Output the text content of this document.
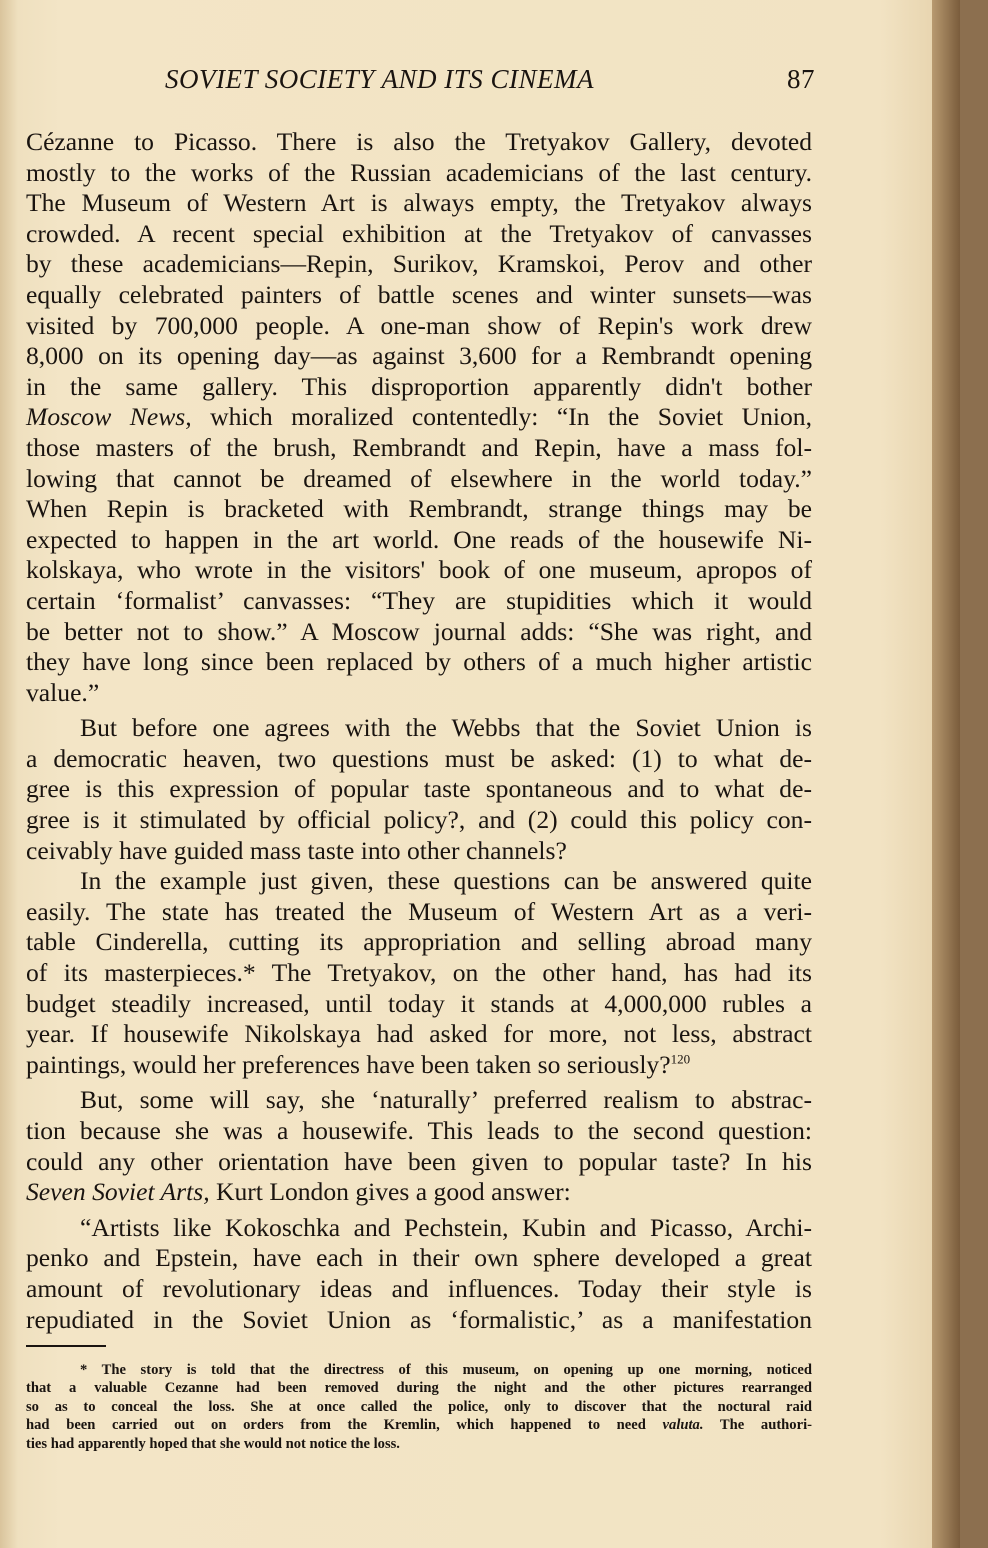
SOVIET SOCIETY AND ITS CINEMA	87
Cézanne to Picasso. There is also the Tretyakov Gallery, devoted
mostly to the works of the Russian academicians of the last century.
The Museum of Western Art is always empty, the Tretyakov always
crowded. A recent special exhibition at the Tretyakov of canvasses
by these academicians—Repin, Surikov, Kramskoi, Perov and other
equally celebrated painters of battle scenes and winter sunsets—was
visited by 700,000 people. A one-man show of Repin's work drew
8,000 on its opening day—as against 3,600 for a Rembrandt opening
in the same gallery. This disproportion apparently didn't bother
Moscow News, which moralized contentedly: “In the Soviet Union,
those masters of the brush, Rembrandt and Repin, have a mass fol-
lowing that cannot be dreamed of elsewhere in the world today.”
When Repin is bracketed with Rembrandt, strange things may be
expected to happen in the art world. One reads of the housewife Ni-
kolskaya, who wrote in the visitors' book of one museum, apropos of
certain ‘formalist’ canvasses: “They are stupidities which it would
be better not to show.” A Moscow journal adds: “She was right, and
they have long since been replaced by others of a much higher artistic
value.”
But before one agrees with the Webbs that the Soviet Union is
a democratic heaven, two questions must be asked: (1) to what de-
gree is this expression of popular taste spontaneous and to what de-
gree is it stimulated by official policy?, and (2) could this policy con-
ceivably have guided mass taste into other channels?
In the example just given, these questions can be answered quite
easily. The state has treated the Museum of Western Art as a veri-
table Cinderella, cutting its appropriation and selling abroad many
of its masterpieces.* The Tretyakov, on the other hand, has had its
budget steadily increased, until today it stands at 4,000,000 rubles a
year. If housewife Nikolskaya had asked for more, not less, abstract
paintings, would her preferences have been taken so seriously?$^{120}$
But, some will say, she ‘naturally’ preferred realism to abstrac-
tion because she was a housewife. This leads to the second question:
could any other orientation have been given to popular taste? In his
Seven Soviet Arts, Kurt London gives a good answer:
“Artists like Kokoschka and Pechstein, Kubin and Picasso, Archi-
penko and Epstein, have each in their own sphere developed a great
amount of revolutionary ideas and influences. Today their style is
repudiated in the Soviet Union as ‘formalistic,’ as a manifestation
* The story is told that the directress of this museum, on opening up one morning, noticed
that a valuable Cezanne had been removed during the night and the other pictures rearranged
so as to conceal the loss. She at once called the police, only to discover that the noctural raid
had been carried out on orders from the Kremlin, which happened to need valuta. The authori-
ties had apparently hoped that she would not notice the loss.
